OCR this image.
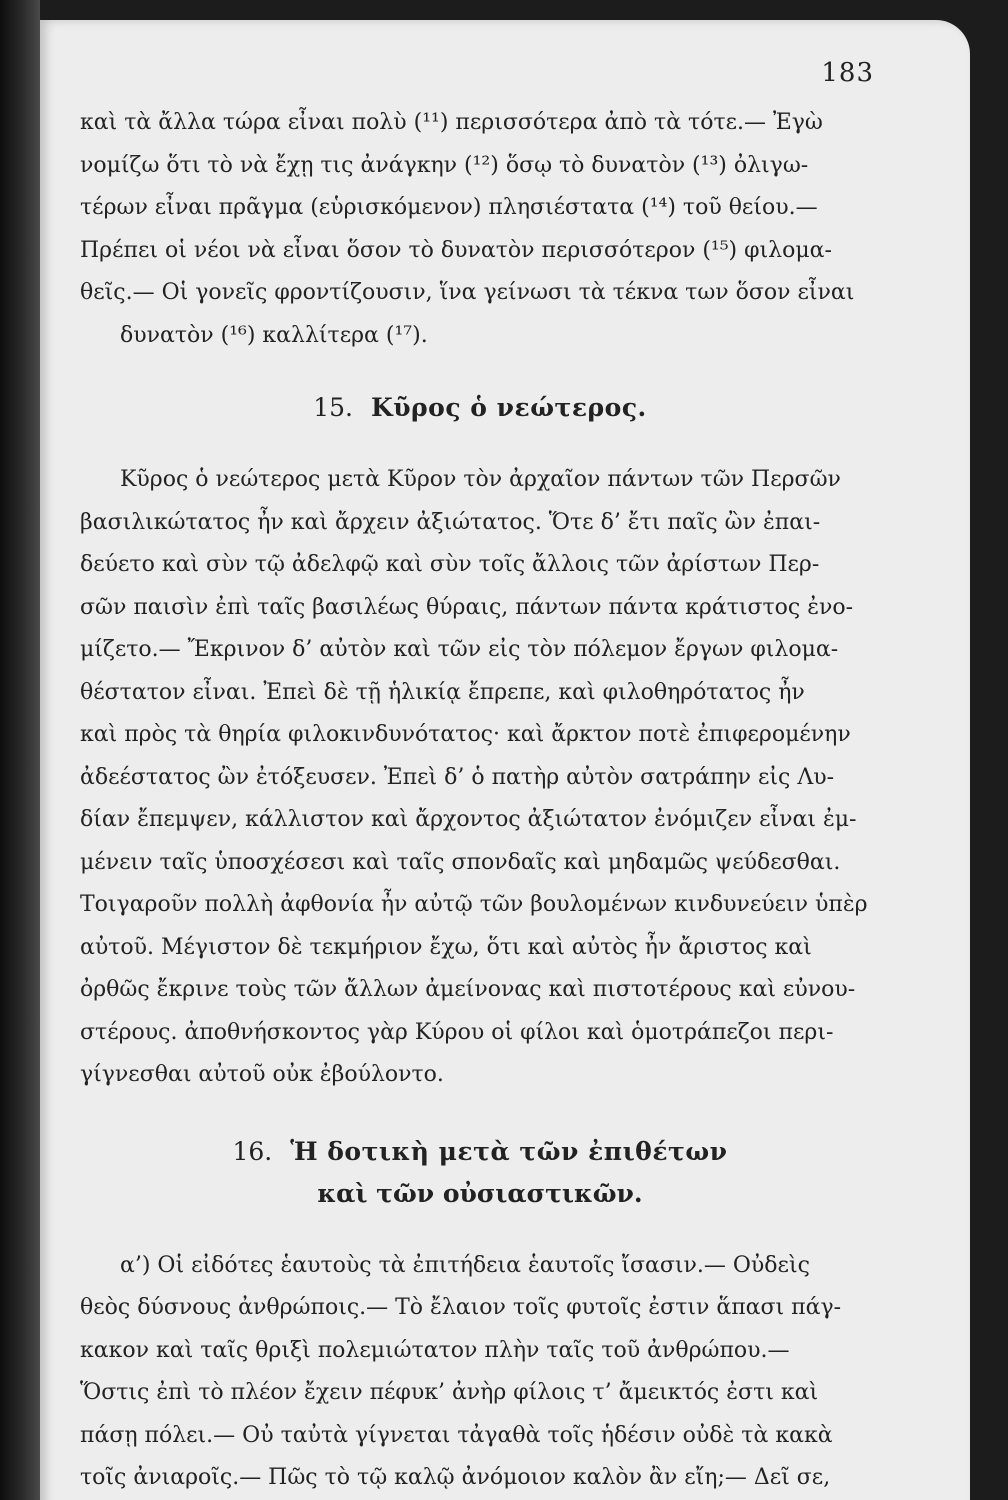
183

καὶ τὰ ἄλλα τώρα εἶναι πολὺ (¹¹) περισσότερα ἀπὸ τὰ τότε.— Ἐγὼ
νομίζω ὅτι τὸ νὰ ἔχῃ τις ἀνάγκην (¹²) ὅσῳ τὸ δυνατὸν (¹³) ὀλιγω-
τέρων εἶναι πρᾶγμα (εὑρισκόμενον) πλησιέστατα (¹⁴) τοῦ θείου.—
Πρέπει οἱ νέοι νὰ εἶναι ὅσον τὸ δυνατὸν περισσότερον (¹⁵) φιλομα-
θεῖς.— Οἱ γονεῖς φροντίζουσιν, ἵνα γείνωσι τὰ τέκνα των ὅσον εἶναι
δυνατὸν (¹⁶) καλλίτερα (¹⁷).

15. Κῦρος ὁ νεώτερος.

Κῦρος ὁ νεώτερος μετὰ Κῦρον τὸν ἀρχαῖον πάντων τῶν Περσῶν
βασιλικώτατος ἦν καὶ ἄρχειν ἀξιώτατος. Ὅτε δ’ ἔτι παῖς ὢν ἐπαι-
δεύετο καὶ σὺν τῷ ἀδελφῷ καὶ σὺν τοῖς ἄλλοις τῶν ἀρίστων Περ-
σῶν παισὶν ἐπὶ ταῖς βασιλέως θύραις, πάντων πάντα κράτιστος ἐνο-
μίζετο.— Ἔκρινον δ’ αὐτὸν καὶ τῶν εἰς τὸν πόλεμον ἔργων φιλομα-
θέστατον εἶναι. Ἐπεὶ δὲ τῇ ἡλικίᾳ ἔπρεπε, καὶ φιλοθηρότατος ἦν
καὶ πρὸς τὰ θηρία φιλοκινδυνότατος· καὶ ἄρκτον ποτὲ ἐπιφερομένην
ἀδεέστατος ὢν ἐτόξευσεν. Ἐπεὶ δ’ ὁ πατὴρ αὐτὸν σατράπην εἰς Λυ-
δίαν ἔπεμψεν, κάλλιστον καὶ ἄρχοντος ἀξιώτατον ἐνόμιζεν εἶναι ἐμ-
μένειν ταῖς ὑποσχέσεσι καὶ ταῖς σπονδαῖς καὶ μηδαμῶς ψεύδεσθαι.
Τοιγαροῦν πολλὴ ἀφθονία ἦν αὐτῷ τῶν βουλομένων κινδυνεύειν ὑπὲρ
αὐτοῦ. Μέγιστον δὲ τεκμήριον ἔχω, ὅτι καὶ αὐτὸς ἦν ἄριστος καὶ
ὀρθῶς ἔκρινε τοὺς τῶν ἄλλων ἀμείνονας καὶ πιστοτέρους καὶ εὐνου-
στέρους. ἀποθνήσκοντος γὰρ Κύρου οἱ φίλοι καὶ ὁμοτράπεζοι περι-
γίγνεσθαι αὐτοῦ οὐκ ἐβούλοντο.

16. Ἡ δοτικὴ μετὰ τῶν ἐπιθέτων
καὶ τῶν οὐσιαστικῶν.

α’) Οἱ εἰδότες ἑαυτοὺς τὰ ἐπιτήδεια ἑαυτοῖς ἴσασιν.— Οὐδεὶς
θεὸς δύσνους ἀνθρώποις.— Τὸ ἔλαιον τοῖς φυτοῖς ἐστιν ἅπασι πάγ-
κακον καὶ ταῖς θριξὶ πολεμιώτατον πλὴν ταῖς τοῦ ἀνθρώπου.—
Ὅστις ἐπὶ τὸ πλέον ἔχειν πέφυκ’ ἀνὴρ φίλοις τ’ ἄμεικτός ἐστι καὶ
πάσῃ πόλει.— Οὐ ταὐτὰ γίγνεται τἀγαθὰ τοῖς ἡδέσιν οὐδὲ τὰ κακὰ
τοῖς ἀνιαροῖς.— Πῶς τὸ τῷ καλῷ ἀνόμοιον καλὸν ἂν εἴη;— Δεῖ σε,
